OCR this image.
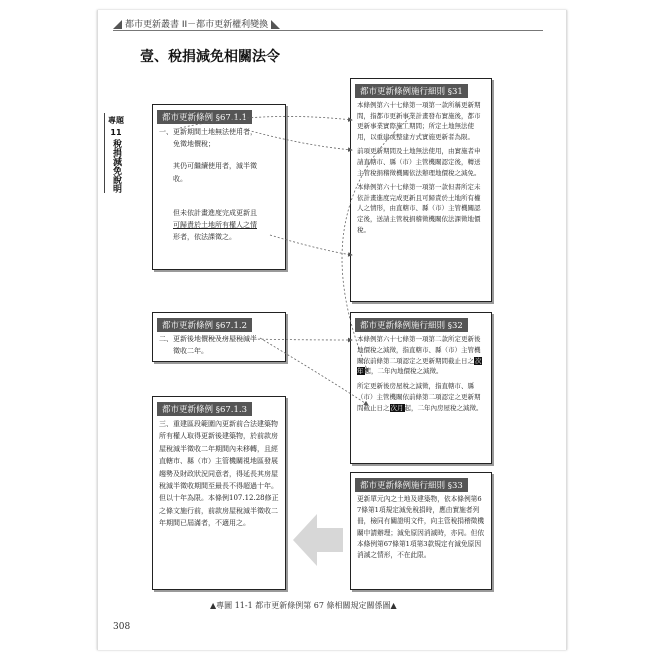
都市更新叢書 II－都市更新權利變換
壹、稅捐減免相關法令
專題
11
稅捐減免說明
都市更新條例 §67.1.1
一、更新期間土地無法使用者，
免徵地價稅；
其仍可繼續使用者，減半徵
收。
但未依計畫進度完成更新且
可歸責於土地所有權人之情
形者，依法課徵之。
都市更新條例施行細則 §31

本條例第六十七條第一項第一款所稱更新期間，指都市更新事業計畫發布實施後，都市更新事業實際施工期間；所定土地無法使用，以重建或整建方式實施更新者為限。

前項更新期間及土地無法使用，由實施者申請直轄市、縣（市）主管機關認定後，轉送主管稅捐稽徵機關依法辦理地價稅之減免。

本條例第六十七條第一項第一款但書所定未依計畫進度完成更新且可歸責於土地所有權人之情形，由直轄市、縣（市）主管機關認定後，送請主管稅捐稽徵機關依法課徵地價稅。

都市更新條例 §67.1.2
二、更新後地價稅及房屋稅減半
徵收二年。
都市更新條例施行細則 §32

本條例第六十七條第一項第二款所定更新後地價稅之減徵，指直轄市、縣（市）主管機關依前條第二項認定之更新期間截止日之次年起，二年內地價稅之減徵。

所定更新後房屋稅之減徵，指直轄市、縣（市）主管機關依前條第二項認定之更新期間截止日之次月起，二年內房屋稅之減徵。

都市更新條例 §67.1.3
三、重建區段範圍內更新前合法建築物所有權人取得更新後建築物，於前款房屋稅減半徵收二年期間內未移轉，且經直轄市、縣（市）主管機關視地區發展趨勢及財政狀況同意者，得延長其房屋稅減半徵收期間至最長不得超過十年。但以十年為限。本條例107.12.28修正之條文施行前，前款房屋稅減半徵收二年期間已屆滿者，不適用之。
都市更新條例施行細則 §33
更新單元內之土地及建築物，依本條例第67條第1項規定減免稅捐時，應由實施者列冊，檢同有關證明文件，向主管稅捐稽徵機關申請辦理；減免原因消滅時，亦同。但依本條例第67條第1項第3款規定有減免原因消滅之情形，不在此限。
▲專圖 11-1 都市更新條例第 67 條相關規定關係圖▲
308
